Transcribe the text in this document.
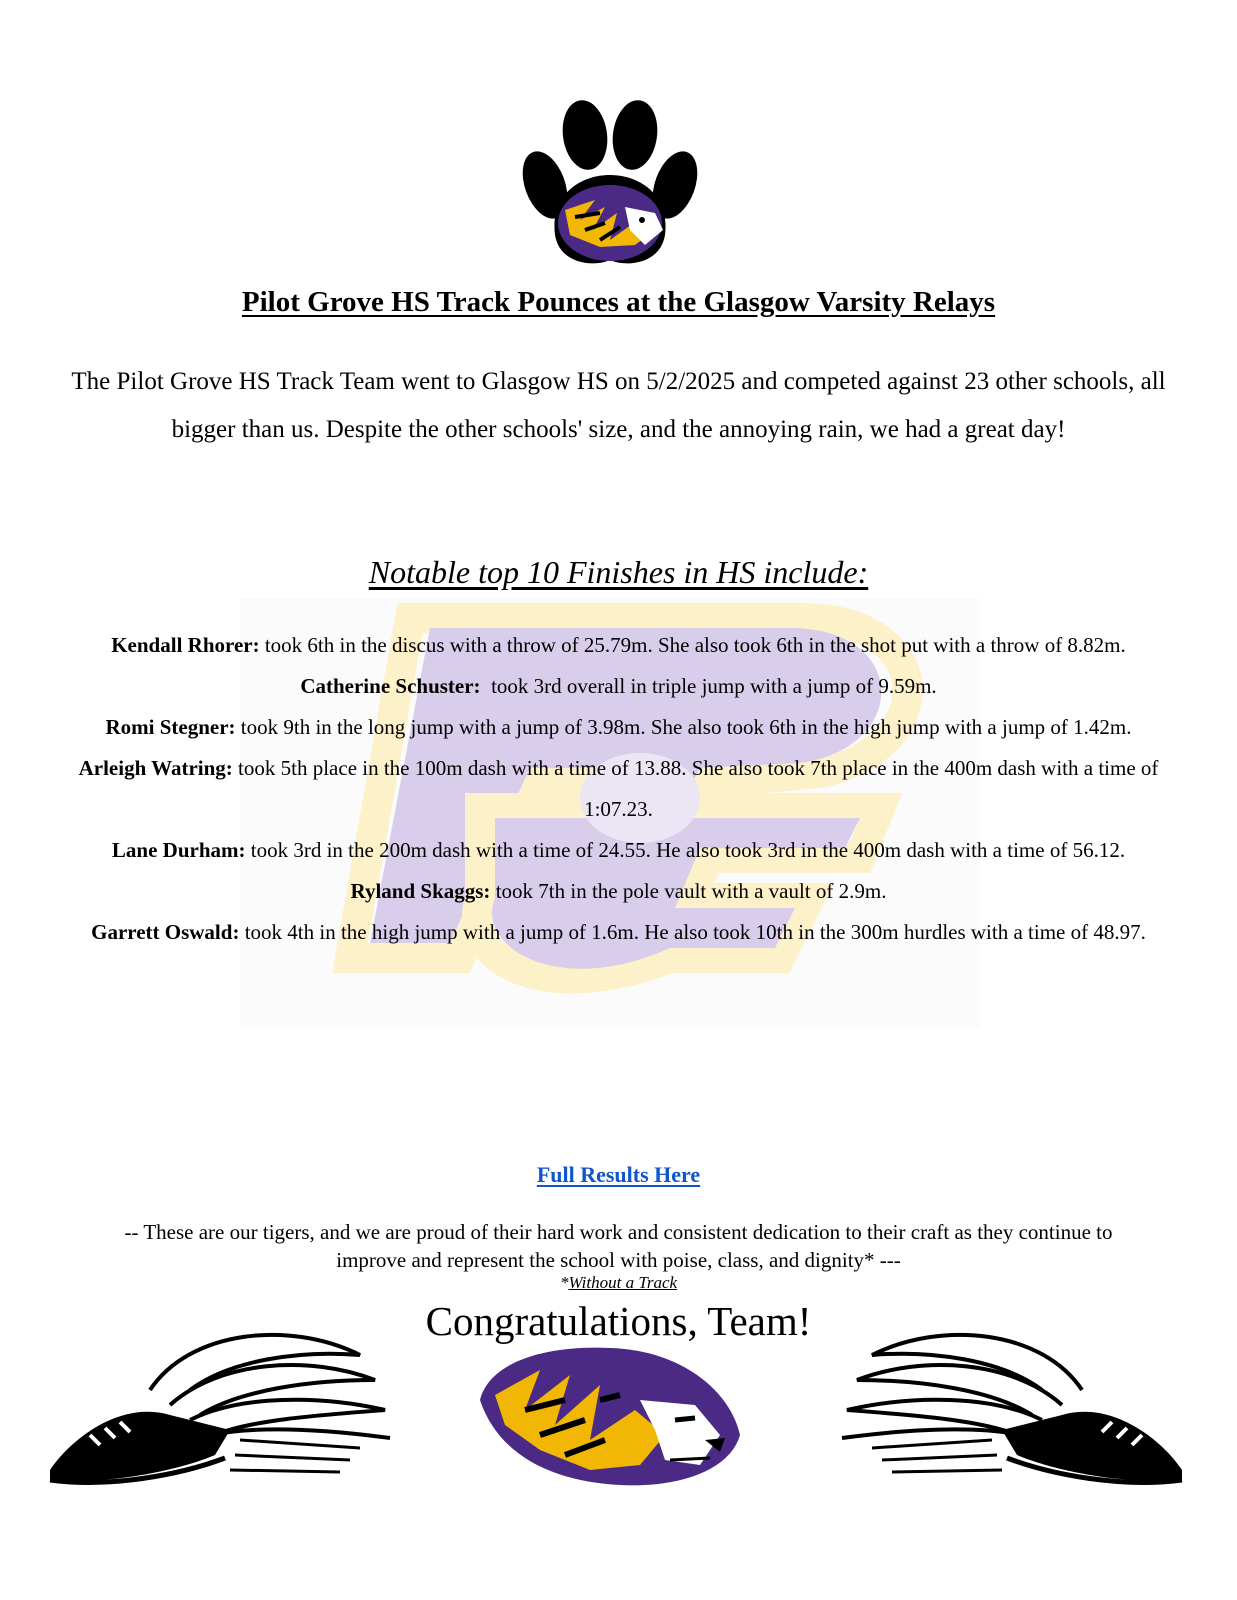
Pilot Grove HS Track Pounces at the Glasgow Varsity Relays
The Pilot Grove HS Track Team went to Glasgow HS on 5/2/2025 and competed against 23 other schools, all bigger than us. Despite the other schools' size, and the annoying rain, we had a great day!
Notable top 10 Finishes in HS include:
Kendall Rhorer: took 6th in the discus with a throw of 25.79m. She also took 6th in the shot put with a throw of 8.82m.
Catherine Schuster:  took 3rd overall in triple jump with a jump of 9.59m.
Romi Stegner: took 9th in the long jump with a jump of 3.98m. She also took 6th in the high jump with a jump of 1.42m.
Arleigh Watring: took 5th place in the 100m dash with a time of 13.88. She also took 7th place in the 400m dash with a time of 1:07.23.
Lane Durham: took 3rd in the 200m dash with a time of 24.55. He also took 3rd in the 400m dash with a time of 56.12.
Ryland Skaggs: took 7th in the pole vault with a vault of 2.9m.
Garrett Oswald: took 4th in the high jump with a jump of 1.6m. He also took 10th in the 300m hurdles with a time of 48.97.
Full Results Here
-- These are our tigers, and we are proud of their hard work and consistent dedication to their craft as they continue to improve and represent the school with poise, class, and dignity* ---
*Without a Track
Congratulations, Team!
